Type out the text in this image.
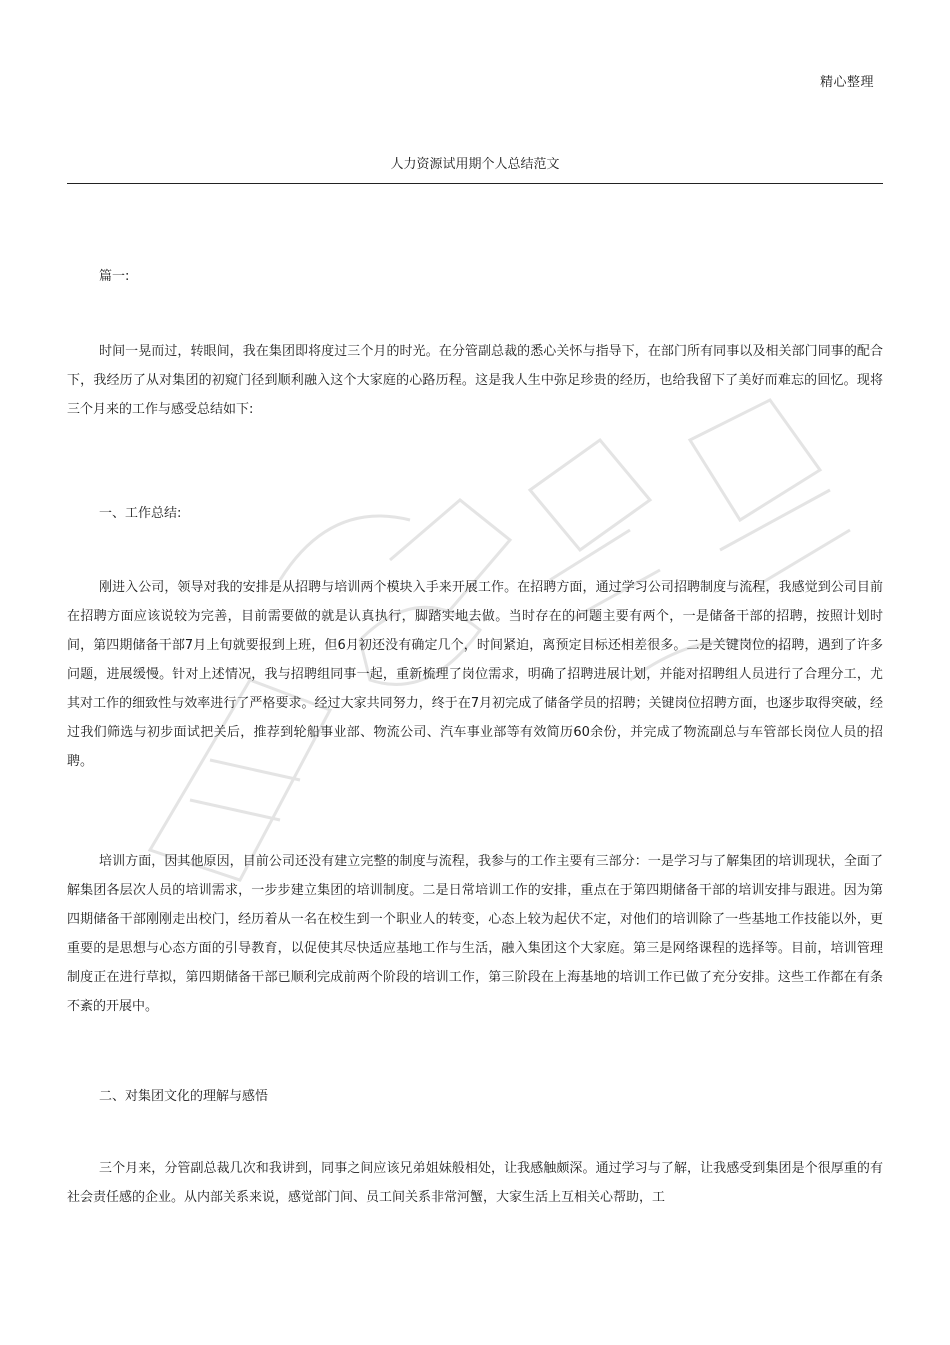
精心整理
人力资源试用期个人总结范文
篇一:

时间一晃而过，转眼间，我在集团即将度过三个月的时光。在分管副总裁的悉心关怀与指导下，在部门所有同事以及相关部门同事的配合下，我经历了从对集团的初窥门径到顺利融入这个大家庭的心路历程。这是我人生中弥足珍贵的经历，也给我留下了美好而难忘的回忆。现将三个月来的工作与感受总结如下:

一、工作总结:

刚进入公司，领导对我的安排是从招聘与培训两个模块入手来开展工作。在招聘方面，通过学习公司招聘制度与流程，我感觉到公司目前在招聘方面应该说较为完善，目前需要做的就是认真执行，脚踏实地去做。当时存在的问题主要有两个，一是储备干部的招聘，按照计划时间，第四期储备干部7月上旬就要报到上班，但6月初还没有确定几个，时间紧迫，离预定目标还相差很多。二是关键岗位的招聘，遇到了许多问题，进展缓慢。针对上述情况，我与招聘组同事一起，重新梳理了岗位需求，明确了招聘进展计划，并能对招聘组人员进行了合理分工，尤其对工作的细致性与效率进行了严格要求。经过大家共同努力，终于在7月初完成了储备学员的招聘；关键岗位招聘方面，也逐步取得突破，经过我们筛选与初步面试把关后，推荐到轮船事业部、物流公司、汽车事业部等有效简历60余份，并完成了物流副总与车管部长岗位人员的招聘。

培训方面，因其他原因，目前公司还没有建立完整的制度与流程，我参与的工作主要有三部分：一是学习与了解集团的培训现状，全面了解集团各层次人员的培训需求，一步步建立集团的培训制度。二是日常培训工作的安排，重点在于第四期储备干部的培训安排与跟进。因为第四期储备干部刚刚走出校门，经历着从一名在校生到一个职业人的转变，心态上较为起伏不定，对他们的培训除了一些基地工作技能以外，更重要的是思想与心态方面的引导教育，以促使其尽快适应基地工作与生活，融入集团这个大家庭。第三是网络课程的选择等。目前，培训管理制度正在进行草拟，第四期储备干部已顺利完成前两个阶段的培训工作，第三阶段在上海基地的培训工作已做了充分安排。这些工作都在有条不紊的开展中。

二、对集团文化的理解与感悟

三个月来，分管副总裁几次和我讲到，同事之间应该兄弟姐妹般相处，让我感触颇深。通过学习与了解，让我感受到集团是个很厚重的有社会责任感的企业。从内部关系来说，感觉部门间、员工间关系非常河蟹，大家生活上互相关心帮助，工
